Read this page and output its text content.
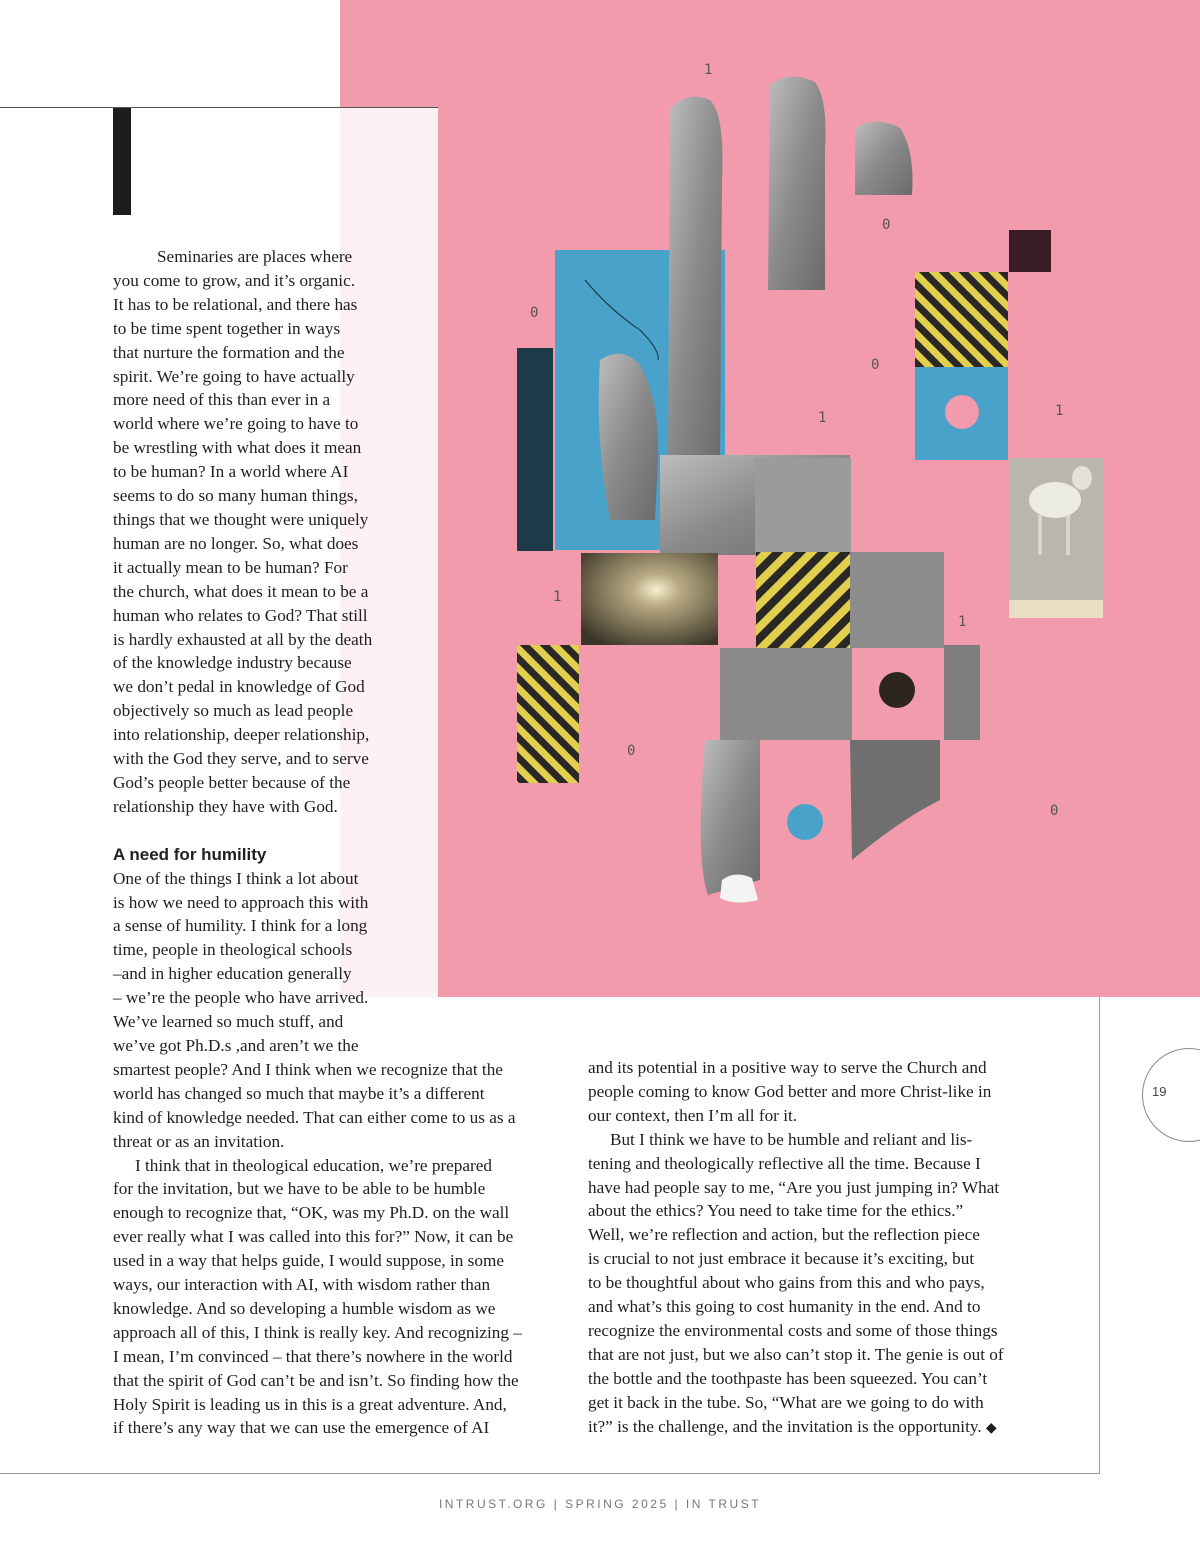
1
0
0
0
1	1
1
1
0
0

Seminaries are places where
you come to grow, and it’s organic.
It has to be relational, and there has
to be time spent together in ways
that nurture the formation and the
spirit. We’re going to have actually
more need of this than ever in a
world where we’re going to have to
be wrestling with what does it mean
to be human? In a world where AI
seems to do so many human things,
things that we thought were uniquely
human are no longer. So, what does
it actually mean to be human? For
the church, what does it mean to be a
human who relates to God? That still
is hardly exhausted at all by the death
of the knowledge industry because
we don’t pedal in knowledge of God
objectively so much as lead people
into relationship, deeper relationship,
with the God they serve, and to serve
God’s people better because of the
relationship they have with God.

A need for humility

One of the things I think a lot about
is how we need to approach this with
a sense of humility. I think for a long
time, people in theological schools
–and in higher education generally
– we’re the people who have arrived.
We’ve learned so much stuff, and
we’ve got Ph.D.s ,and aren’t we the
smartest people? And I think when we recognize that the
world has changed so much that maybe it’s a different
kind of knowledge needed. That can either come to us as a
threat or as an invitation.

I think that in theological education, we’re prepared
for the invitation, but we have to be able to be humble
enough to recognize that, “OK, was my Ph.D. on the wall
ever really what I was called into this for?” Now, it can be
used in a way that helps guide, I would suppose, in some
ways, our interaction with AI, with wisdom rather than
knowledge. And so developing a humble wisdom as we
approach all of this, I think is really key. And recognizing –
I mean, I’m convinced – that there’s nowhere in the world
that the spirit of God can’t be and isn’t. So finding how the
Holy Spirit is leading us in this is a great adventure. And,
if there’s any way that we can use the emergence of AI

and its potential in a positive way to serve the Church and
people coming to know God better and more Christ-like in
our context, then I’m all for it.

But I think we have to be humble and reliant and lis-
tening and theologically reflective all the time. Because I
have had people say to me, “Are you just jumping in? What
about the ethics? You need to take time for the ethics.”
Well, we’re reflection and action, but the reflection piece
is crucial to not just embrace it because it’s exciting, but
to be thoughtful about who gains from this and who pays,
and what’s this going to cost humanity in the end. And to
recognize the environmental costs and some of those things
that are not just, but we also can’t stop it. The genie is out of
the bottle and the toothpaste has been squeezed. You can’t
get it back in the tube. So, “What are we going to do with
it?” is the challenge, and the invitation is the opportunity. ◆

19
INTRUST.ORG | SPRING 2025 | IN TRUST
